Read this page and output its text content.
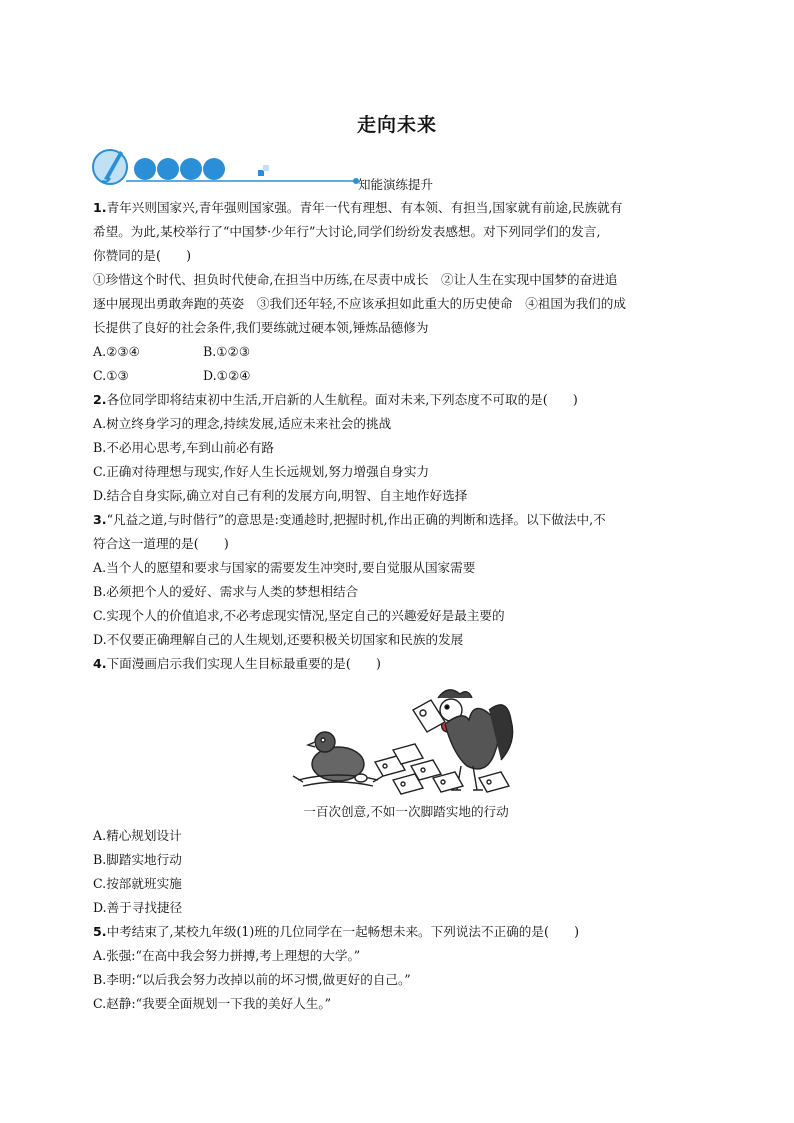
走向未来
知能演练提升
1.青年兴则国家兴,青年强则国家强。青年一代有理想、有本领、有担当,国家就有前途,民族就有
希望。为此,某校举行了“中国梦·少年行”大讨论,同学们纷纷发表感想。对下列同学们的发言,
你赞同的是(　　)
①珍惜这个时代、担负时代使命,在担当中历练,在尽责中成长　②让人生在实现中国梦的奋进追
逐中展现出勇敢奔跑的英姿　③我们还年轻,不应该承担如此重大的历史使命　④祖国为我们的成
长提供了良好的社会条件,我们要练就过硬本领,锤炼品德修为
A.②③④	B.①②③
C.①③	D.①②④
2.各位同学即将结束初中生活,开启新的人生航程。面对未来,下列态度不可取的是(　　)
A.树立终身学习的理念,持续发展,适应未来社会的挑战
B.不必用心思考,车到山前必有路
C.正确对待理想与现实,作好人生长远规划,努力增强自身实力
D.结合自身实际,确立对自己有利的发展方向,明智、自主地作好选择
3.“凡益之道,与时偕行”的意思是:变通趁时,把握时机,作出正确的判断和选择。以下做法中,不
符合这一道理的是(　　)
A.当个人的愿望和要求与国家的需要发生冲突时,要自觉服从国家需要
B.必须把个人的爱好、需求与人类的梦想相结合
C.实现个人的价值追求,不必考虑现实情况,坚定自己的兴趣爱好是最主要的
D.不仅要正确理解自己的人生规划,还要积极关切国家和民族的发展
4.下面漫画启示我们实现人生目标最重要的是(　　)
一百次创意,不如一次脚踏实地的行动
A.精心规划设计
B.脚踏实地行动
C.按部就班实施
D.善于寻找捷径
5.中考结束了,某校九年级(1)班的几位同学在一起畅想未来。下列说法不正确的是(　　)
A.张强:“在高中我会努力拼搏,考上理想的大学。”
B.李明:“以后我会努力改掉以前的坏习惯,做更好的自己。”
C.赵静:“我要全面规划一下我的美好人生。”
